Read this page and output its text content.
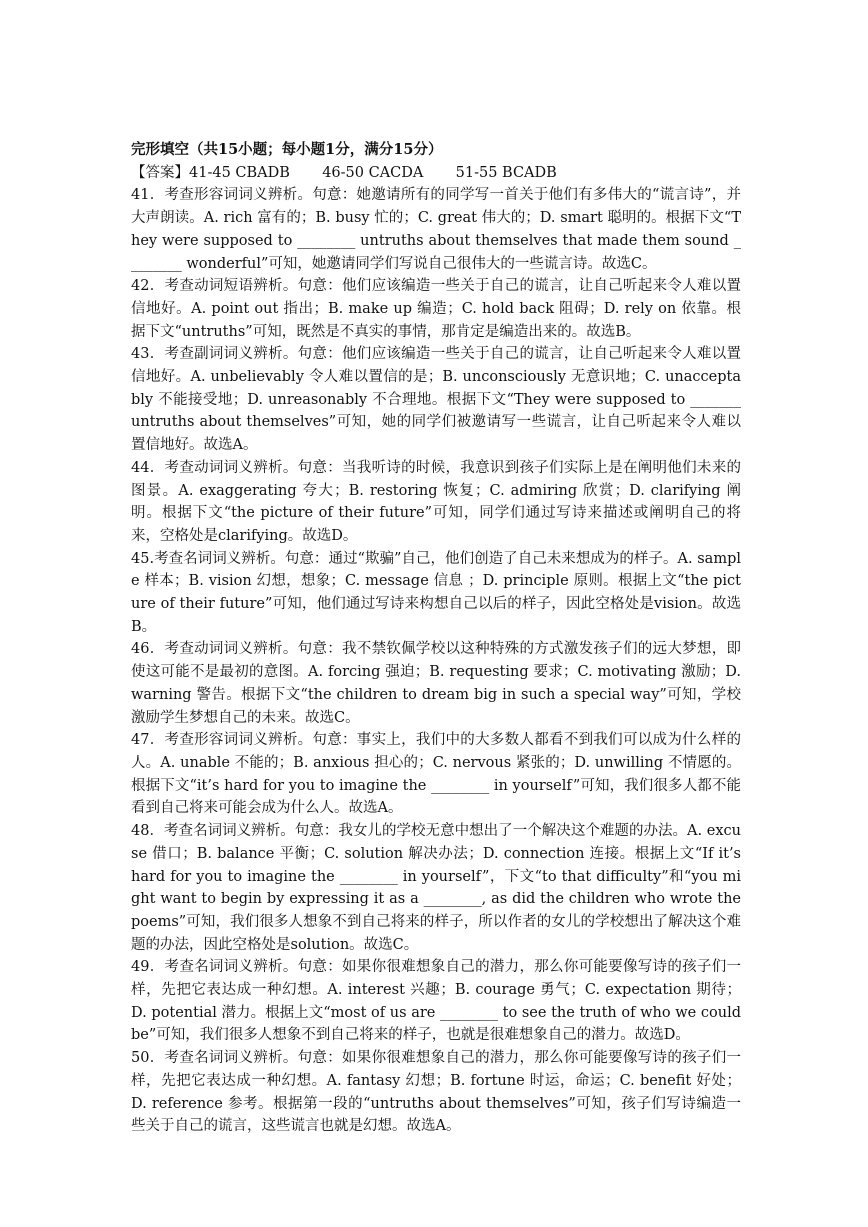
完形填空（共15小题；每小题1分，满分15分）

【答案】41-45 CBADB 46-50 CACDA 51-55 BCADB

41．考查形容词词义辨析。句意：她邀请所有的同学写一首关于他们有多伟大的“谎言诗”，并大声朗读。A. rich 富有的；B. busy 忙的；C. great 伟大的；D. smart 聪明的。根据下文“They were supposed to ________ untruths about themselves that made them sound ________ wonderful”可知，她邀请同学们写说自己很伟大的一些谎言诗。故选C。

42．考查动词短语辨析。句意：他们应该编造一些关于自己的谎言，让自己听起来令人难以置信地好。A. point out 指出；B. make up 编造；C. hold back 阻碍；D. rely on 依靠。根据下文“untruths”可知，既然是不真实的事情，那肯定是编造出来的。故选B。

43．考查副词词义辨析。句意：他们应该编造一些关于自己的谎言，让自己听起来令人难以置信地好。A. unbelievably 令人难以置信的是；B. unconsciously 无意识地；C. unacceptably 不能接受地；D. unreasonably 不合理地。根据下文“They were supposed to _______ untruths about themselves”可知，她的同学们被邀请写一些谎言，让自己听起来令人难以置信地好。故选A。

44．考查动词词义辨析。句意：当我听诗的时候，我意识到孩子们实际上是在阐明他们未来的图景。A. exaggerating 夸大；B. restoring 恢复；C. admiring 欣赏；D. clarifying 阐明。根据下文“the picture of their future”可知，同学们通过写诗来描述或阐明自己的将来，空格处是clarifying。故选D。

45.考查名词词义辨析。句意：通过“欺骗”自己，他们创造了自己未来想成为的样子。A. sample 样本；B. vision 幻想，想象；C. message 信息 ；D. principle 原则。根据上文“the picture of their future”可知，他们通过写诗来构想自己以后的样子，因此空格处是vision。故选B。

46．考查动词词义辨析。句意：我不禁钦佩学校以这种特殊的方式激发孩子们的远大梦想，即使这可能不是最初的意图。A. forcing 强迫；B. requesting 要求；C. motivating 激励；D. warning 警告。根据下文“the children to dream big in such a special way”可知，学校激励学生梦想自己的未来。故选C。

47．考查形容词词义辨析。句意：事实上，我们中的大多数人都看不到我们可以成为什么样的人。A. unable 不能的；B. anxious 担心的；C. nervous 紧张的；D. unwilling 不情愿的。根据下文“it’s hard for you to imagine the ________ in yourself”可知，我们很多人都不能看到自己将来可能会成为什么人。故选A。

48．考查名词词义辨析。句意：我女儿的学校无意中想出了一个解决这个难题的办法。A. excuse 借口；B. balance 平衡；C. solution 解决办法；D. connection 连接。根据上文“If it’s hard for you to imagine the ________ in yourself”，下文“to that difficulty”和“you might want to begin by expressing it as a ________, as did the children who wrote the poems”可知，我们很多人想象不到自己将来的样子，所以作者的女儿的学校想出了解决这个难题的办法，因此空格处是solution。故选C。

49．考查名词词义辨析。句意：如果你很难想象自己的潜力，那么你可能要像写诗的孩子们一样，先把它表达成一种幻想。A. interest 兴趣；B. courage 勇气；C. expectation 期待；D. potential 潜力。根据上文“most of us are ________ to see the truth of who we could be”可知，我们很多人想象不到自己将来的样子，也就是很难想象自己的潜力。故选D。

50．考查名词词义辨析。句意：如果你很难想象自己的潜力，那么你可能要像写诗的孩子们一样，先把它表达成一种幻想。A. fantasy 幻想；B. fortune 时运，命运；C. benefit 好处；D. reference 参考。根据第一段的“untruths about themselves”可知，孩子们写诗编造一些关于自己的谎言，这些谎言也就是幻想。故选A。
